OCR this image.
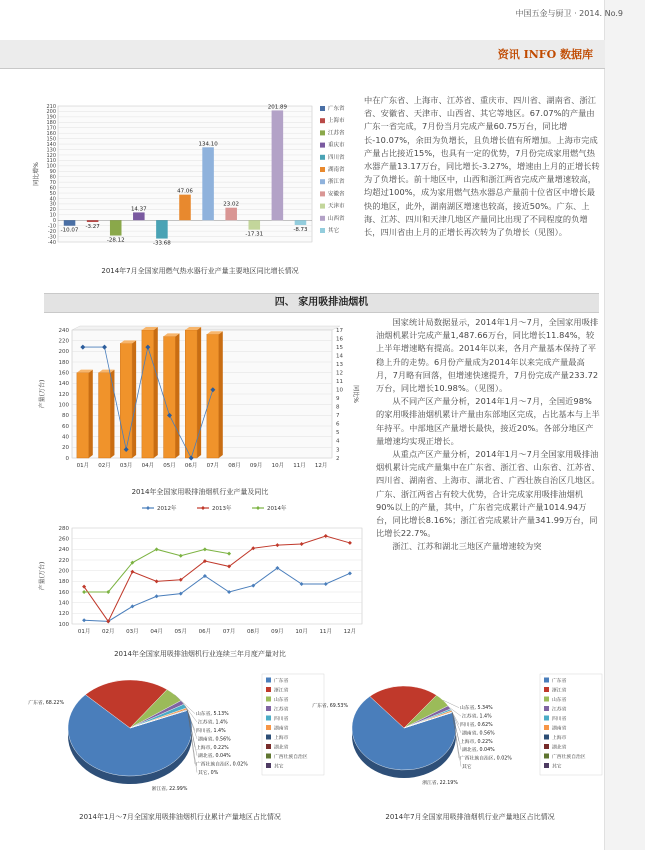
中国五金与厨卫 · 2014. No.9
资讯 INFO 数据库
-40
-30
-20
-10
0
10
20
30
40
50
60
70
80
90
100
110
120
130
140
150
160
170
180
190
200
210
同比增%
-10.07
-3.27
-28.12
14.37
-33.68
47.06
134.10
23.02
-17.31
201.89
-8.73
广东省
上海市
江苏省
重庆市
四川省
湖南省
浙江省
安徽省
天津市
山西省
其它
2014年7月全国家用燃气热水器行业产量主要地区同比增长情况

中在广东省、上海市、江苏省、重庆市、四川省、湖南省、浙江省、安徽省、天津市、山西省、其它等地区。67.07%的产量由广东一省完成，7月份当月完成产量60.75万台，同比增长-10.07%，余田为负增长，且负增长值有所增加。上海市完成产量占比接近15%，也具有一定的优势，7月份完成家用燃气热水器产量13.17万台，同比增长-3.27%，增速由上月的正增长转为了负增长。前十地区中，山西和浙江两省完成产量增速较高，均超过100%，成为家用燃气热水器总产量前十位省区中增长最快的地区，此外，湖南湖区增速也较高，接近50%。广东、上海、江苏、四川和天津几地区产量同比出现了不同程度的负增长，四川省由上月的正增长再次转为了负增长（见图）。

四、 家用吸排油烟机
0
20
40
60
80
100
120
140
160
180
200
220
240
2
3
4
5
6
7
8
9
10
11
12
13
14
15
16
17
产量(万台)	同比%
01月 02月 03月 04月 05月 06月 07月 08月 09月 10月 11月 12月
2014年全国家用吸排油烟机行业产量及同比
2012年	2013年	2014年
100
120
140
160
180
200
220
240
260
280
产量(万台)
01月 02月 03月 04月 05月 06月 07月 08月 09月 10月 11月 12月
2014年全国家用吸排油烟机行业连续三年月度产量对比

国家统计局数据显示，2014年1月～7月，全国家用吸排油烟机累计完成产量1,487.66万台，同比增长11.84%，较上半年增速略有提高。2014年以来，各月产量基本保持了平稳上升的走势。6月份产量成为2014年以来完成产量最高月，7月略有回落，但增速快速提升，7月份完成产量233.72万台，同比增长10.98%。（见图）。

从不同产区产量分析，2014年1月～7月，全国近98%的家用吸排油烟机累计产量由东部地区完成，占比基本与上半年持平。中部地区产量增长最快，接近20%。各部分地区产量增速均实现正增长。

从重点产区产量分析，2014年1月～7月全国家用吸排油烟机累计完成产量集中在广东省、浙江省、山东省、江苏省、四川省、湖南省、上海市、湖北省、广西壮族自治区几地区。广东、浙江两省占有较大优势，合计完成家用吸排油烟机90%以上的产量，其中，广东省完成累计产量1014.94万台，同比增长8.16%；浙江省完成累计产量341.99万台，同比增长22.7%。

浙江、江苏和湖北三地区产量增速较为突

广东省, 68.22%
浙江省, 22.99%
山东省, 5.13%
江苏省, 1.4%
四川省, 1.4%
湖南省, 0.56%
上海市, 0.22%
湖北省, 0.04%
广西壮族自治区, 0.02%
其它, 0%
广东省
浙江省
山东省
江苏省
四川省
湖南省
上海市
湖北省
广西壮族自治区
其它
2014年1月～7月全国家用吸排油烟机行业累计产量地区占比情况
广东省, 69.53%
浙江省, 22.19%
山东省, 5.34%
江苏省, 1.4%
四川省, 0.62%
湖南省, 0.56%
上海市, 0.22%
湖北省, 0.04%
广西壮族自治区, 0.02%
其它
广东省
浙江省
山东省
江苏省
四川省
湖南省
上海市
湖北省
广西壮族自治区
其它
2014年7月全国家用吸排油烟机行业产量地区占比情况
